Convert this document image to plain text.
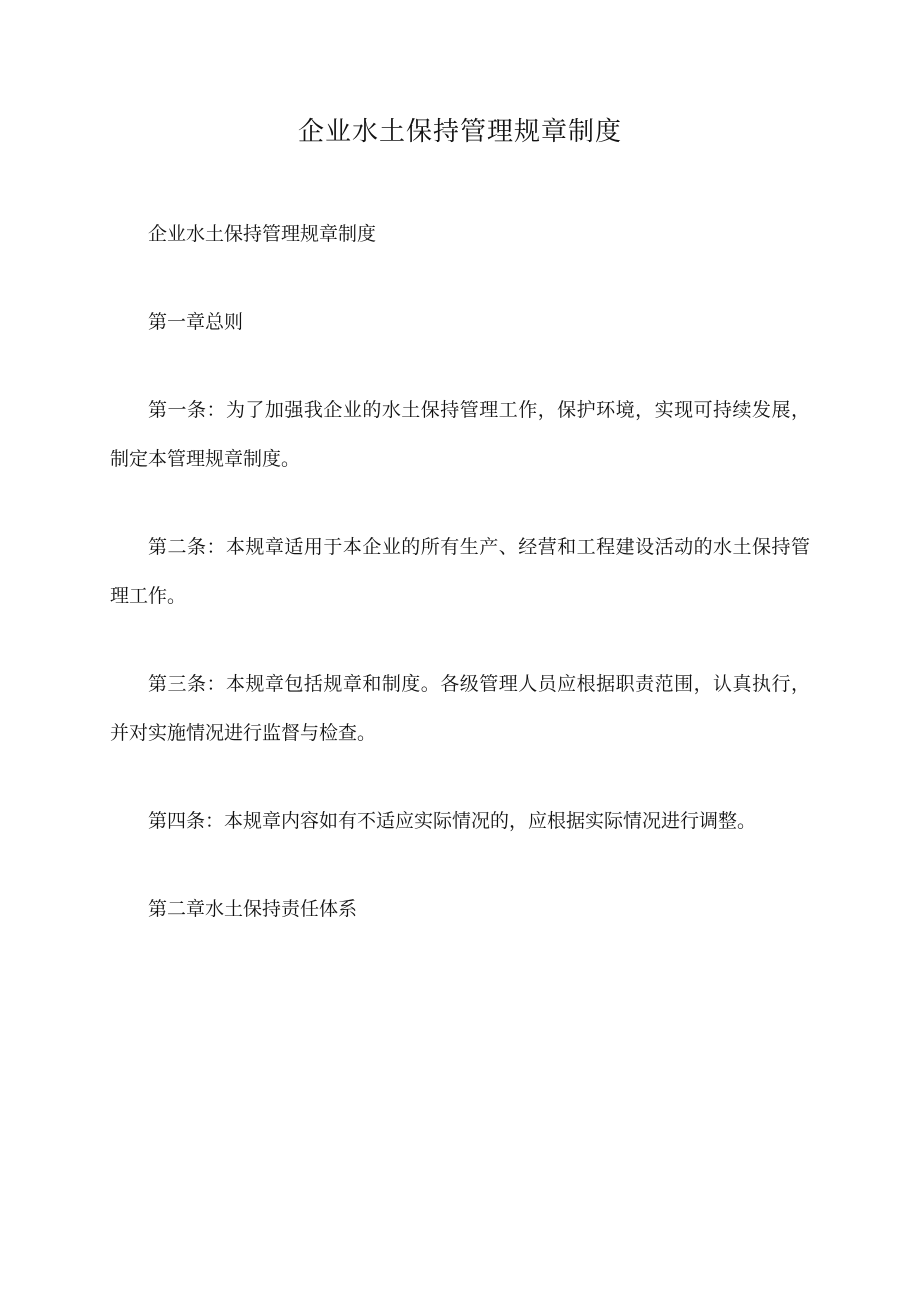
企业水土保持管理规章制度

企业水土保持管理规章制度

第一章总则

第一条：为了加强我企业的水土保持管理工作，保护环境，实现可持续发展，制定本管理规章制度。

第二条：本规章适用于本企业的所有生产、经营和工程建设活动的水土保持管理工作。

第三条：本规章包括规章和制度。各级管理人员应根据职责范围，认真执行，并对实施情况进行监督与检查。

第四条：本规章内容如有不适应实际情况的，应根据实际情况进行调整。

第二章水土保持责任体系
